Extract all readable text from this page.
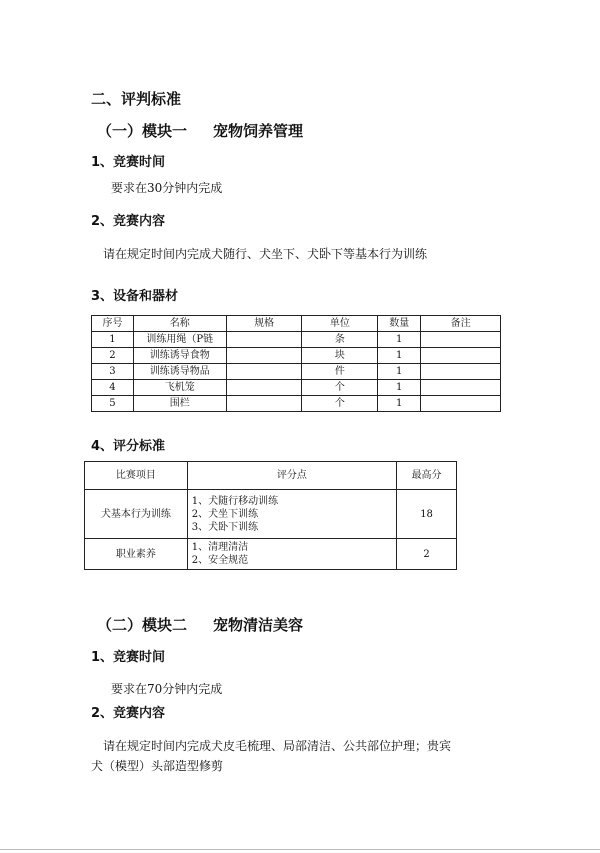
二、评判标准
（一）模块一 宠物饲养管理
1、竞赛时间
要求在30分钟内完成
2、竞赛内容
请在规定时间内完成犬随行、犬坐下、犬卧下等基本行为训练
3、设备和器材
序号	名称	规格	单位	数量	备注
1	训练用绳（P链		条	1	
2	训练诱导食物		块	1	
3	训练诱导物品		件	1	
4	飞机笼		个	1	
5	围栏		个	1	
4、评分标准
比赛项目	评分点	最高分
犬基本行为训练	1、犬随行移动训练
2、犬坐下训练
3、犬卧下训练	18
职业素养	1、清理清洁
2、安全规范	2
（二）模块二 宠物清洁美容
1、竞赛时间
要求在70分钟内完成
2、竞赛内容
请在规定时间内完成犬皮毛梳理、局部清洁、公共部位护理；贵宾
犬（模型）头部造型修剪
